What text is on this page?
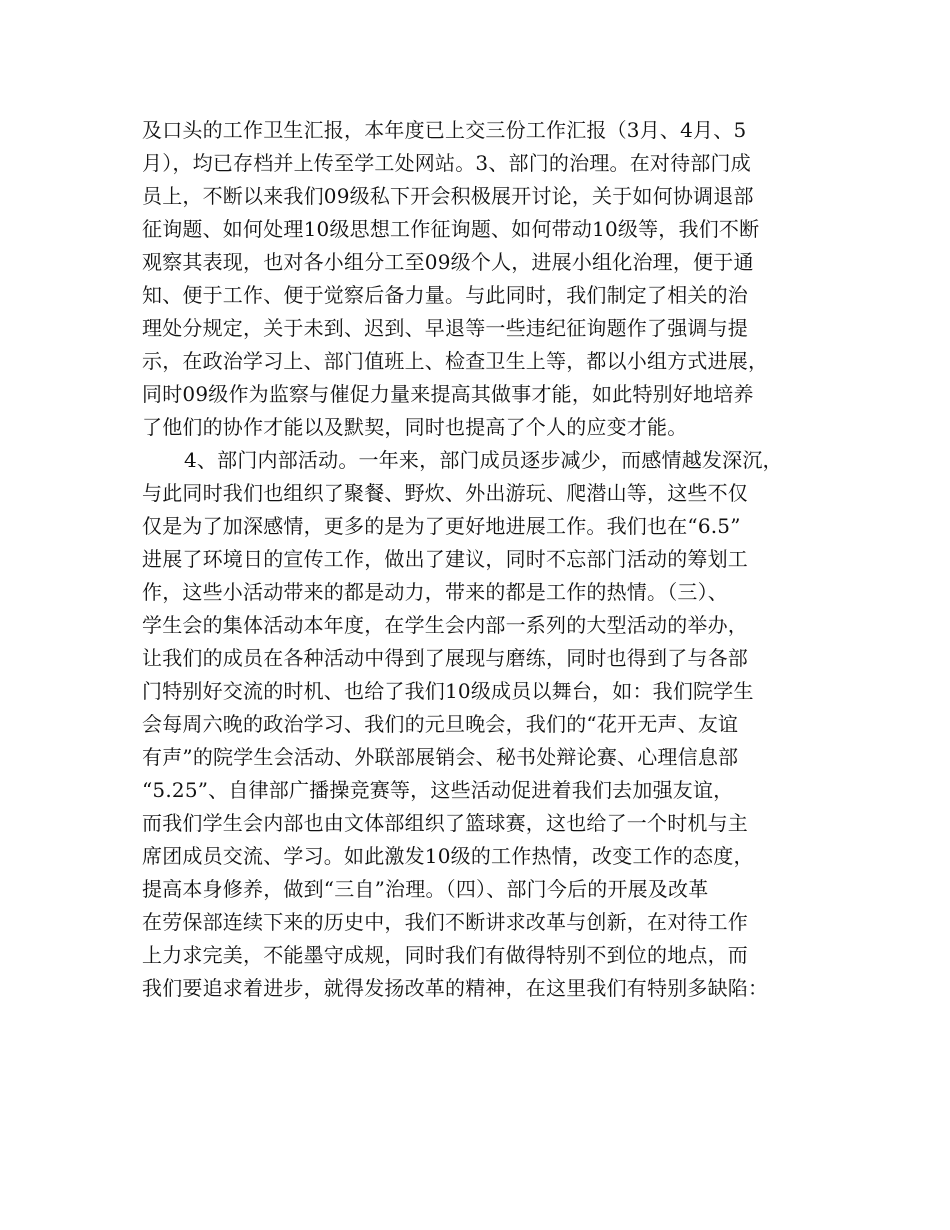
及口头的工作卫生汇报，本年度已上交三份工作汇报（3月、4月、5
月），均已存档并上传至学工处网站。3、部门的治理。在对待部门成
员上，不断以来我们09级私下开会积极展开讨论，关于如何协调退部
征询题、如何处理10级思想工作征询题、如何带动10级等，我们不断
观察其表现，也对各小组分工至09级个人，进展小组化治理，便于通
知、便于工作、便于觉察后备力量。与此同时，我们制定了相关的治
理处分规定，关于未到、迟到、早退等一些违纪征询题作了强调与提
示，在政治学习上、部门值班上、检查卫生上等，都以小组方式进展，
同时09级作为监察与催促力量来提高其做事才能，如此特别好地培养
了他们的协作才能以及默契，同时也提高了个人的应变才能。
4、部门内部活动。一年来，部门成员逐步减少，而感情越发深沉，
与此同时我们也组织了聚餐、野炊、外出游玩、爬潜山等，这些不仅
仅是为了加深感情，更多的是为了更好地进展工作。我们也在“6.5”
进展了环境日的宣传工作，做出了建议，同时不忘部门活动的筹划工
作，这些小活动带来的都是动力，带来的都是工作的热情。（三）、
学生会的集体活动本年度，在学生会内部一系列的大型活动的举办，
让我们的成员在各种活动中得到了展现与磨练，同时也得到了与各部
门特别好交流的时机、也给了我们10级成员以舞台，如：我们院学生
会每周六晚的政治学习、我们的元旦晚会，我们的“花开无声、友谊
有声”的院学生会活动、外联部展销会、秘书处辩论赛、心理信息部
“5.25”、自律部广播操竞赛等，这些活动促进着我们去加强友谊，
而我们学生会内部也由文体部组织了篮球赛，这也给了一个时机与主
席团成员交流、学习。如此激发10级的工作热情，改变工作的态度，
提高本身修养，做到“三自”治理。（四）、部门今后的开展及改革
在劳保部连续下来的历史中，我们不断讲求改革与创新，在对待工作
上力求完美，不能墨守成规，同时我们有做得特别不到位的地点，而
我们要追求着进步，就得发扬改革的精神，在这里我们有特别多缺陷：
